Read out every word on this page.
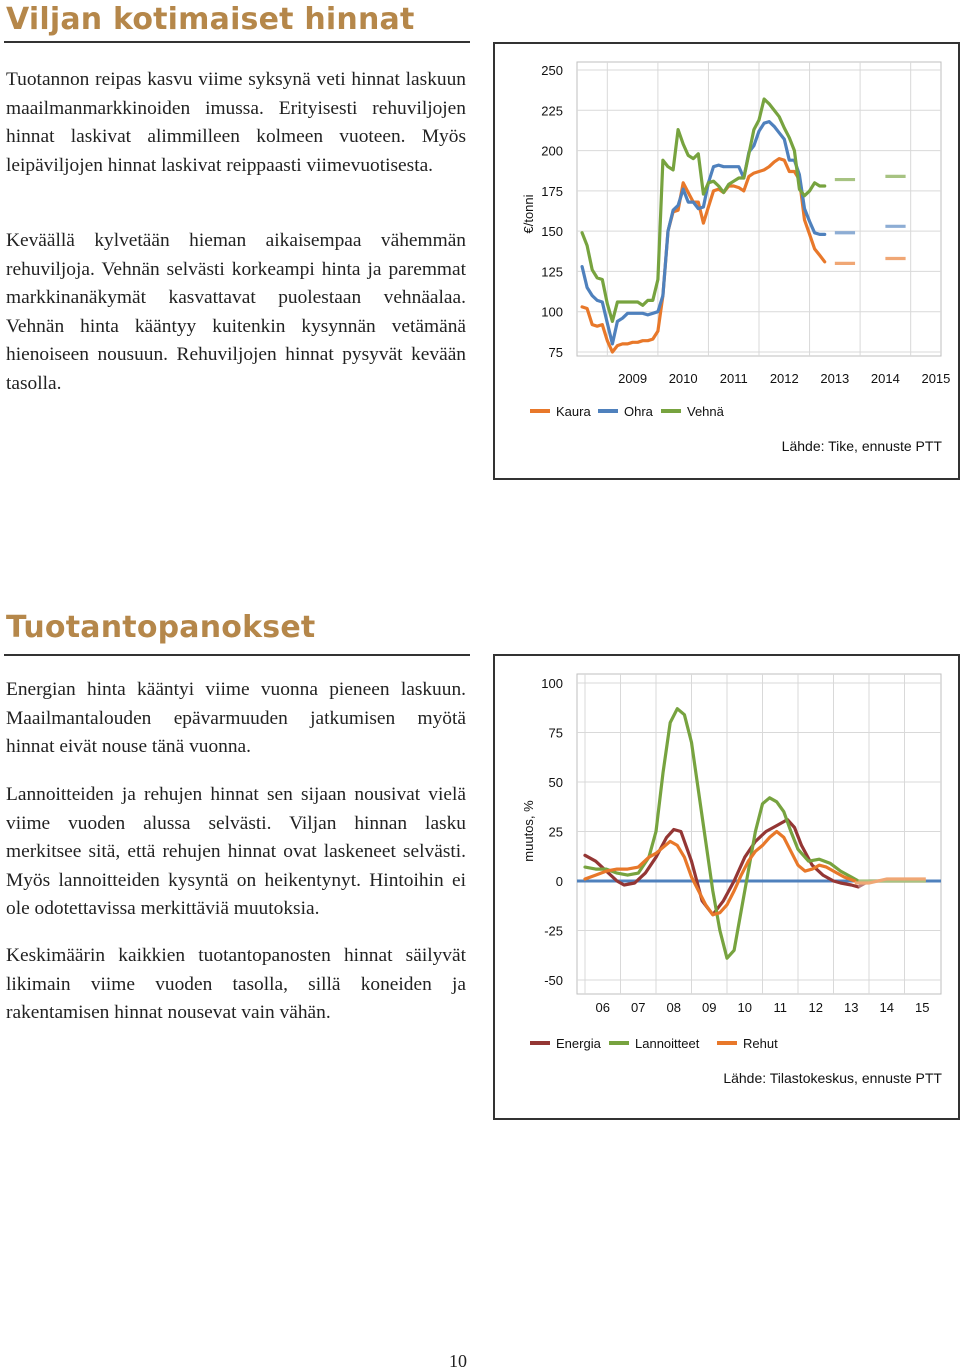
Viljan kotimaiset hinnat

Tuotannon reipas kasvu viime syksynä veti hinnat laskuun maailmanmarkkinoiden imussa. Erityisesti rehuviljojen hinnat laskivat alimmilleen kolmeen vuoteen. Myös leipäviljojen hinnat laskivat reippaasti viimevuotisesta.

Keväällä kylvetään hieman aikaisempaa vähemmän rehuviljoja. Vehnän selvästi korkeampi hinta ja paremmat markkinanäkymät kasvattavat puolestaan vehnäalaa. Vehnän hinta kääntyy kuitenkin kysynnän vetämänä hienoiseen nousuun. Rehuviljojen hinnat pysyvät kevään tasolla.

250
225
200
175
150
125
100
75
2009 2010 2011 2012 2013 2014 2015
€/tonni
Kaura	Ohra	Vehnä
Lähde: Tike, ennuste PTT
Tuotantopanokset

Energian hinta kääntyi viime vuonna pieneen laskuun. Maailmantalouden epävarmuuden jatkumisen myötä hinnat eivät nouse tänä vuonna.

Lannoitteiden ja rehujen hinnat sen sijaan nousivat vielä viime vuoden alussa selvästi. Viljan hinnan lasku merkitsee sitä, että rehujen hinnat ovat laskeneet selvästi. Myös lannoitteiden kysyntä on heikentynyt. Hintoihin ei ole odotettavissa merkittäviä muutoksia.

Keskimäärin kaikkien tuotantopanosten hinnat säilyvät likimain viime vuoden tasolla, sillä koneiden ja rakentamisen hinnat nousevat vain vähän.

100
75
50
25
0
-25
-50
06 07 08 09 10 11 12 13 14 15
muutos, %
Energia	Lannoitteet	Rehut
Lähde: Tilastokeskus, ennuste PTT
10
